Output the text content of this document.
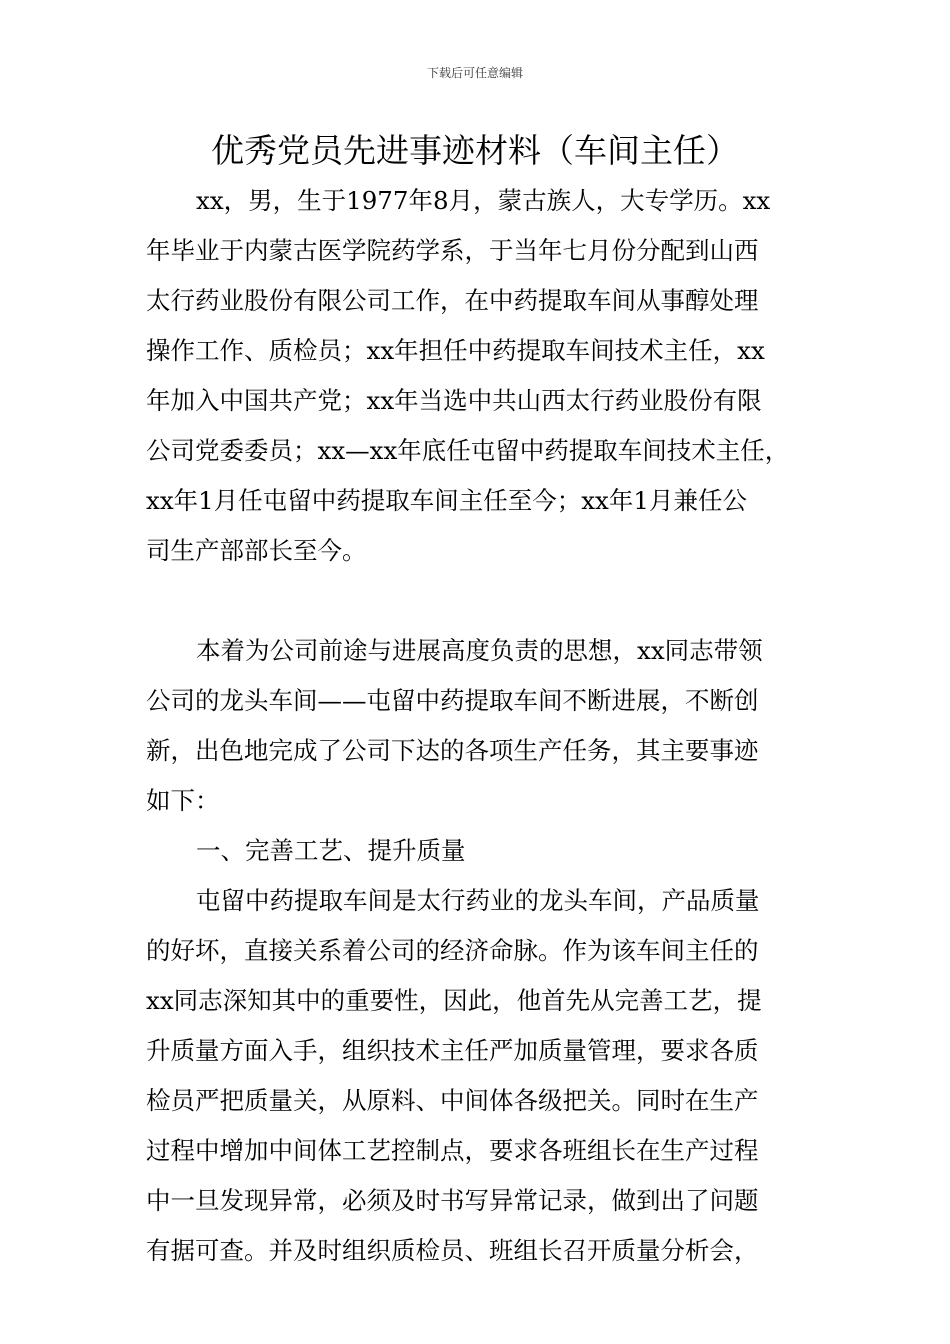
下载后可任意编辑
优秀党员先进事迹材料（车间主任）
xx，男，生于1977年8月，蒙古族人，大专学历。xx
年毕业于内蒙古医学院药学系，于当年七月份分配到山西
太行药业股份有限公司工作，在中药提取车间从事醇处理
操作工作、质检员；xx年担任中药提取车间技术主任，xx
年加入中国共产党；xx年当选中共山西太行药业股份有限
公司党委委员；xx—xx年底任屯留中药提取车间技术主任，
xx年1月任屯留中药提取车间主任至今；xx年1月兼任公
司生产部部长至今。
本着为公司前途与进展高度负责的思想，xx同志带领
公司的龙头车间——屯留中药提取车间不断进展，不断创
新，出色地完成了公司下达的各项生产任务，其主要事迹
如下：
一、完善工艺、提升质量
屯留中药提取车间是太行药业的龙头车间，产品质量
的好坏，直接关系着公司的经济命脉。作为该车间主任的
xx同志深知其中的重要性，因此，他首先从完善工艺，提
升质量方面入手，组织技术主任严加质量管理，要求各质
检员严把质量关，从原料、中间体各级把关。同时在生产
过程中增加中间体工艺控制点，要求各班组长在生产过程
中一旦发现异常，必须及时书写异常记录，做到出了问题
有据可查。并及时组织质检员、班组长召开质量分析会，
